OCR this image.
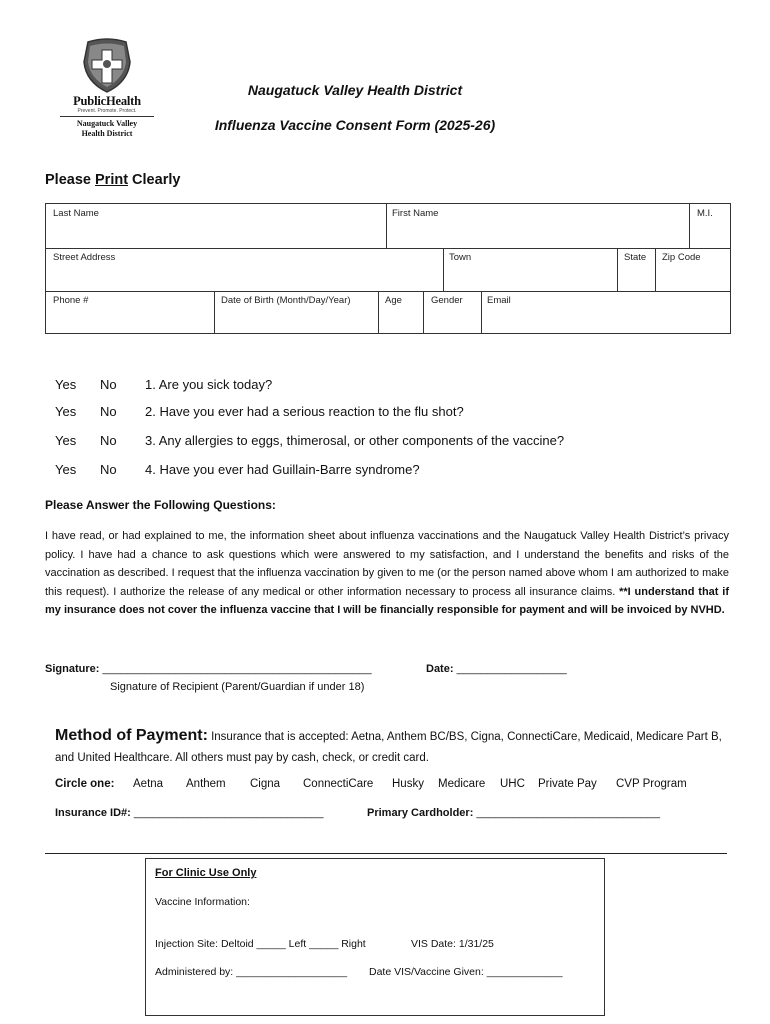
PublicHealth
Prevent. Promote. Protect.
Naugatuck Valley
Health District
Naugatuck Valley Health District
Influenza Vaccine Consent Form (2025-26)
Please Print Clearly
Last Name	First Name	M.I.
Street Address	Town	State Zip Code
Phone #	Date of Birth (Month/Day/Year)	Age	Gender	Email
Yes No 1. Are you sick today?
Yes No 2. Have you ever had a serious reaction to the flu shot?
Yes No 3. Any allergies to eggs, thimerosal, or other components of the vaccine?
Yes No 4. Have you ever had Guillain-Barre syndrome?
Please Answer the Following Questions:
I have read, or had explained to me, the information sheet about influenza vaccinations and the Naugatuck Valley Health District’s privacy policy. I have had a chance to ask questions which were answered to my satisfaction, and I understand the benefits and risks of the vaccination as described. I request that the influenza vaccination by given to me (or the person named above whom I am authorized to make this request). I authorize the release of any medical or other information necessary to process all insurance claims. **I understand that if my insurance does not cover the influenza vaccine that I will be financially responsible for payment and will be invoiced by NVHD.
Signature: ____________________________________________	Date: __________________
Signature of Recipient (Parent/Guardian if under 18)
Method of Payment: Insurance that is accepted: Aetna, Anthem BC/BS, Cigna, ConnectiCare, Medicaid, Medicare Part B, and United Healthcare. All others must pay by cash, check, or credit card.
Circle one: Aetna Anthem Cigna ConnectiCare Husky Medicare UHC Private Pay CVP Program
Insurance ID#: _______________________________	Primary Cardholder: ______________________________
For Clinic Use Only
Vaccine Information:
Injection Site: Deltoid _____ Left _____ Right	VIS Date: 1/31/25
Administered by: ___________________ Date VIS/Vaccine Given: _____________
